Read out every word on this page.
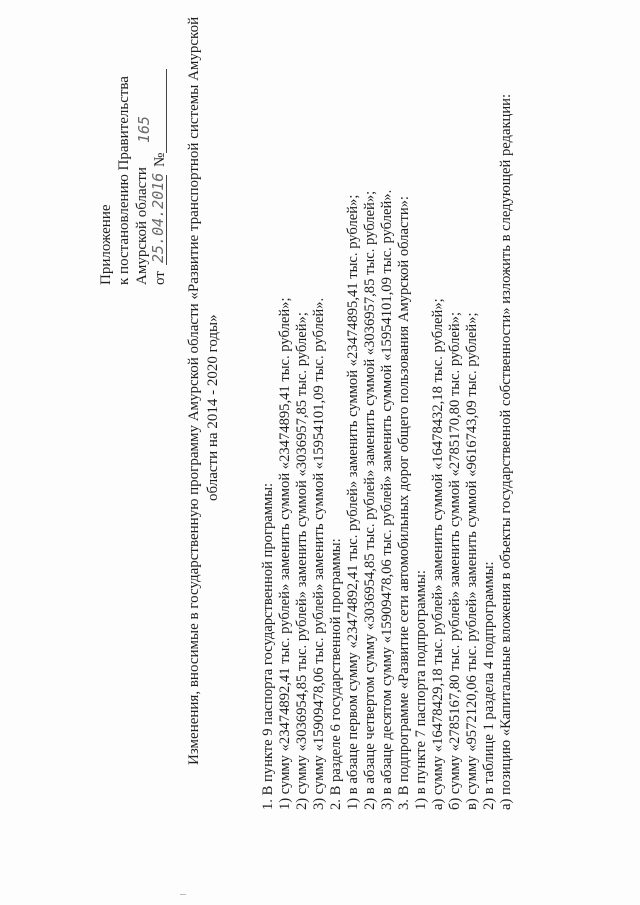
Приложение к постановлению Правительства Амурской области от
25.04.2016
№
165 Изменения, вносимые в государственную программу Амурской области «Развитие транспортной системы Амурской области на 2014 - 2020 годы»
1. В пункте 9 паспорта государственной программы: 1) сумму «23474892,41 тыс. рублей» заменить суммой «23474895,41 тыс. рублей»; 2) сумму «3036954,85 тыс. рублей» заменить суммой «3036957,85 тыс. рублей»; 3) сумму «15909478,06 тыс. рублей» заменить суммой «15954101,09 тыс. рублей». 2. В разделе 6 государственной программы: 1) в абзаце первом сумму «23474892,41 тыс. рублей» заменить суммой «23474895,41 тыс. рублей»; 2) в абзаце четвертом сумму «3036954,85 тыс. рублей» заменить суммой «3036957,85 тыс. рублей»; 3) в абзаце десятом сумму «15909478,06 тыс. рублей» заменить суммой «15954101,09 тыс. рублей». 3. В подпрограмме «Развитие сети автомобильных дорог общего пользования Амурской области»: 1) в пункте 7 паспорта подпрограммы: а) сумму «16478429,18 тыс. рублей» заменить суммой «16478432,18 тыс. рублей»; б) сумму «2785167,80 тыс. рублей» заменить суммой «2785170,80 тыс. рублей»; в) сумму «9572120,06 тыс. рублей» заменить суммой «9616743,09 тыс. рублей»; 2) в таблице 1 раздела 4 подпрограммы: а) позицию «Капитальные вложения в объекты государственной собственности» изложить в следующей редакции:
